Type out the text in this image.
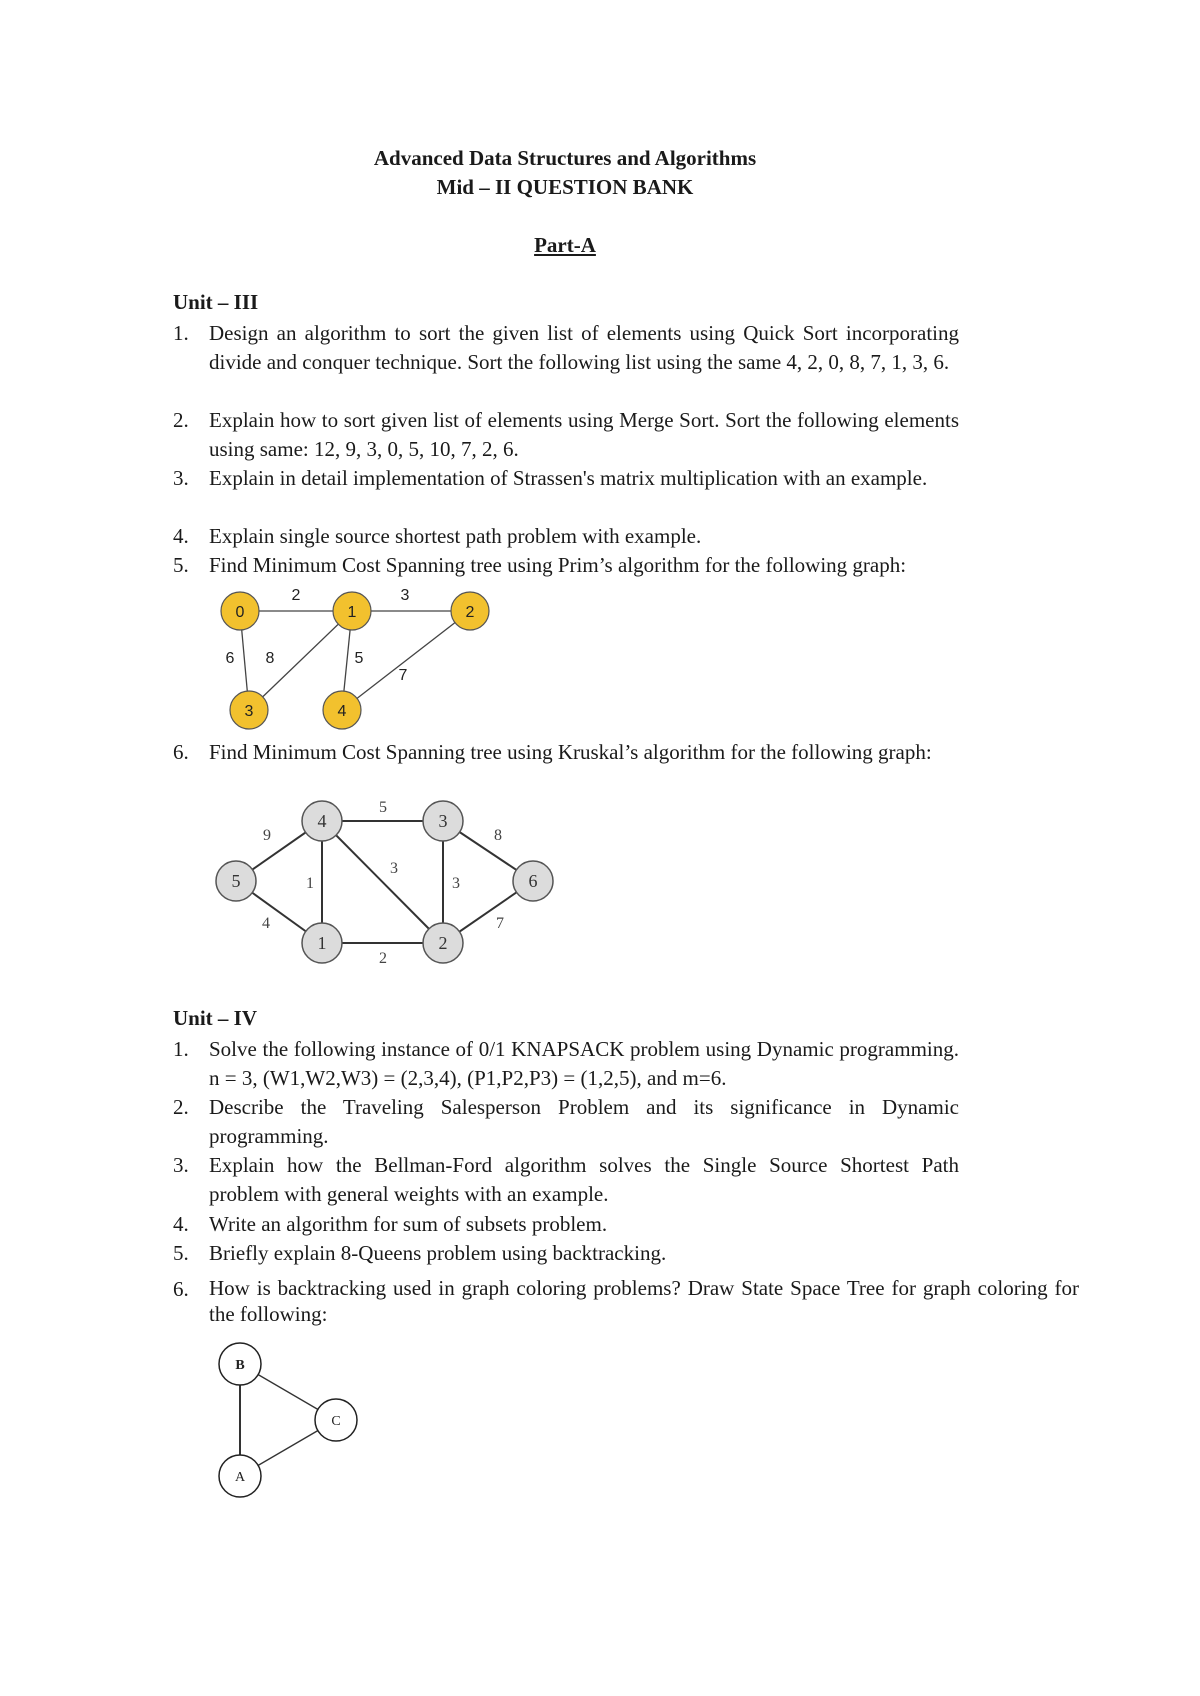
Advanced Data Structures and Algorithms
Mid – II QUESTION BANK
Part-A
Unit – III
1. Design an algorithm to sort the given list of elements using Quick Sort incorporating divide and conquer technique. Sort the following list using the same 4, 2, 0, 8, 7, 1, 3, 6.
2. Explain how to sort given list of elements using Merge Sort. Sort the following elements using same: 12, 9, 3, 0, 5, 10, 7, 2, 6.
3. Explain in detail implementation of Strassen's matrix multiplication with an example.
4. Explain single source shortest path problem with example.
5. Find Minimum Cost Spanning tree using Prim’s algorithm for the following graph:
2	3
6 8	5
7
0	1	2
3	4
6. Find Minimum Cost Spanning tree using Kruskal’s algorithm for the following graph:
5
9	8
1
3
3
4	7
2
4	3
5	6
1	2
Unit – IV
1. Solve the following instance of 0/1 KNAPSACK problem using Dynamic programming. n = 3, (W1,W2,W3) = (2,3,4), (P1,P2,P3) = (1,2,5), and m=6.
2. Describe the Traveling Salesperson Problem and its significance in Dynamic programming.
3. Explain how the Bellman-Ford algorithm solves the Single Source Shortest Path problem with general weights with an example.
4. Write an algorithm for sum of subsets problem.
5. Briefly explain 8-Queens problem using backtracking.
6. How is backtracking used in graph coloring problems? Draw State Space Tree for graph coloring for the following:
B
C
A
